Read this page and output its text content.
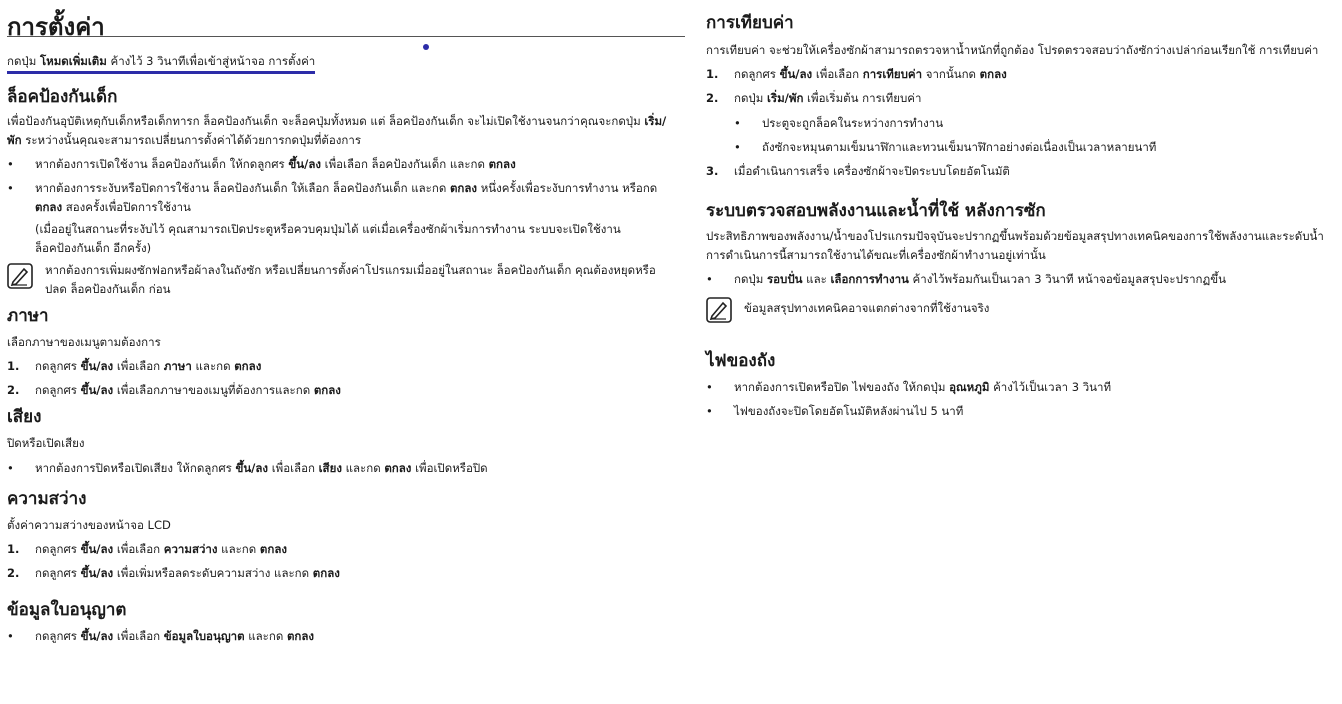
การตั้งค่า
กดปุ่ม โหมดเพิ่มเติม ค้างไว้ 3 วินาทีเพื่อเข้าสู่หน้าจอ การตั้งค่า
ล็อคป้องกันเด็ก

เพื่อป้องกันอุบัติเหตุกับเด็กหรือเด็กทารก ล็อคป้องกันเด็ก จะล็อคปุ่มทั้งหมด แต่ ล็อคป้องกันเด็ก จะไม่เปิดใช้งานจนกว่าคุณจะกดปุ่ม เริ่ม/
พัก ระหว่างนั้นคุณจะสามารถเปลี่ยนการตั้งค่าได้ด้วยการกดปุ่มที่ต้องการ

• หากต้องการเปิดใช้งาน ล็อคป้องกันเด็ก ให้กดลูกศร ขึ้น/ลง เพื่อเลือก ล็อคป้องกันเด็ก และกด ตกลง
• หากต้องการระงับหรือปิดการใช้งาน ล็อคป้องกันเด็ก ให้เลือก ล็อคป้องกันเด็ก และกด ตกลง หนึ่งครั้งเพื่อระงับการทำงาน หรือกด
ตกลง สองครั้งเพื่อปิดการใช้งาน
(เมื่ออยู่ในสถานะที่ระงับไว้ คุณสามารถเปิดประตูหรือควบคุมปุ่มได้ แต่เมื่อเครื่องซักผ้าเริ่มการทำงาน ระบบจะเปิดใช้งาน
ล็อคป้องกันเด็ก อีกครั้ง)
หากต้องการเพิ่มผงซักฟอกหรือผ้าลงในถังซัก หรือเปลี่ยนการตั้งค่าโปรแกรมเมื่ออยู่ในสถานะ ล็อคป้องกันเด็ก คุณต้องหยุดหรือ
ปลด ล็อคป้องกันเด็ก ก่อน
ภาษา

เลือกภาษาของเมนูตามต้องการ

1. กดลูกศร ขึ้น/ลง เพื่อเลือก ภาษา และกด ตกลง
2. กดลูกศร ขึ้น/ลง เพื่อเลือกภาษาของเมนูที่ต้องการและกด ตกลง
เสียง

ปิดหรือเปิดเสียง

• หากต้องการปิดหรือเปิดเสียง ให้กดลูกศร ขึ้น/ลง เพื่อเลือก เสียง และกด ตกลง เพื่อเปิดหรือปิด
ความสว่าง

ตั้งค่าความสว่างของหน้าจอ LCD

1. กดลูกศร ขึ้น/ลง เพื่อเลือก ความสว่าง และกด ตกลง
2. กดลูกศร ขึ้น/ลง เพื่อเพิ่มหรือลดระดับความสว่าง และกด ตกลง
ข้อมูลใบอนุญาต
• กดลูกศร ขึ้น/ลง เพื่อเลือก ข้อมูลใบอนุญาต และกด ตกลง
การเทียบค่า

การเทียบค่า จะช่วยให้เครื่องซักผ้าสามารถตรวจหาน้ำหนักที่ถูกต้อง โปรดตรวจสอบว่าถังซักว่างเปล่าก่อนเรียกใช้ การเทียบค่า

1. กดลูกศร ขึ้น/ลง เพื่อเลือก การเทียบค่า จากนั้นกด ตกลง
2. กดปุ่ม เริ่ม/พัก เพื่อเริ่มต้น การเทียบค่า
• ประตูจะถูกล็อคในระหว่างการทำงาน
• ถังซักจะหมุนตามเข็มนาฬิกาและทวนเข็มนาฬิกาอย่างต่อเนื่องเป็นเวลาหลายนาที
3. เมื่อดำเนินการเสร็จ เครื่องซักผ้าจะปิดระบบโดยอัตโนมัติ
ระบบตรวจสอบพลังงานและน้ำที่ใช้ หลังการซัก

ประสิทธิภาพของพลังงาน/น้ำของโปรแกรมปัจจุบันจะปรากฏขึ้นพร้อมด้วยข้อมูลสรุปทางเทคนิคของการใช้พลังงานและระดับน้ำ
การดำเนินการนี้สามารถใช้งานได้ขณะที่เครื่องซักผ้าทำงานอยู่เท่านั้น

• กดปุ่ม รอบปั่น และ เลือกการทำงาน ค้างไว้พร้อมกันเป็นเวลา 3 วินาที หน้าจอข้อมูลสรุปจะปรากฏขึ้น
ข้อมูลสรุปทางเทคนิคอาจแตกต่างจากที่ใช้งานจริง
ไฟของถัง
• หากต้องการเปิดหรือปิด ไฟของถัง ให้กดปุ่ม อุณหภูมิ ค้างไว้เป็นเวลา 3 วินาที
• ไฟของถังจะปิดโดยอัตโนมัติหลังผ่านไป 5 นาที
